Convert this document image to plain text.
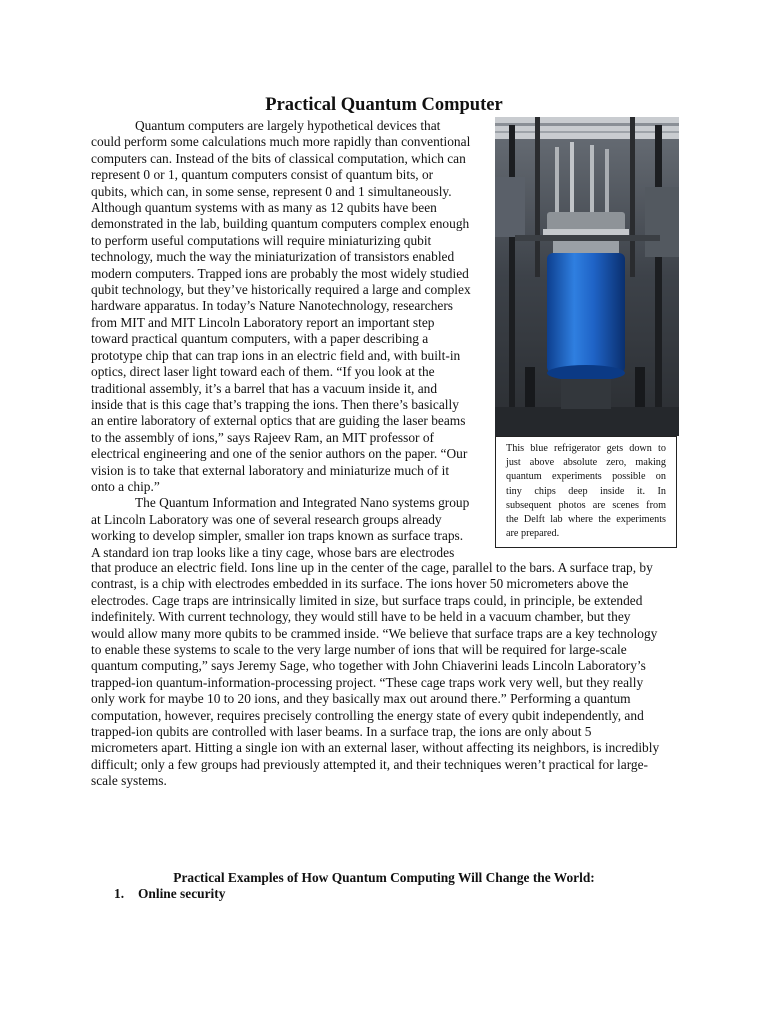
Practical Quantum Computer
Quantum computers are largely hypothetical devices that
could perform some calculations much more rapidly than conventional
computers can. Instead of the bits of classical computation, which can
represent 0 or 1, quantum computers consist of quantum bits, or
qubits, which can, in some sense, represent 0 and 1 simultaneously.
Although quantum systems with as many as 12 qubits have been
demonstrated in the lab, building quantum computers complex enough
to perform useful computations will require miniaturizing qubit
technology, much the way the miniaturization of transistors enabled
modern computers. Trapped ions are probably the most widely studied
qubit technology, but they’ve historically required a large and complex
hardware apparatus. In today’s Nature Nanotechnology, researchers
from MIT and MIT Lincoln Laboratory report an important step
toward practical quantum computers, with a paper describing a
prototype chip that can trap ions in an electric field and, with built-in
optics, direct laser light toward each of them. “If you look at the
traditional assembly, it’s a barrel that has a vacuum inside it, and
inside that is this cage that’s trapping the ions. Then there’s basically
an entire laboratory of external optics that are guiding the laser beams
to the assembly of ions,” says Rajeev Ram, an MIT professor of
electrical engineering and one of the senior authors on the paper. “Our
vision is to take that external laboratory and miniaturize much of it
onto a chip.”
The Quantum Information and Integrated Nano systems group
at Lincoln Laboratory was one of several research groups already
working to develop simpler, smaller ion traps known as surface traps.
A standard ion trap looks like a tiny cage, whose bars are electrodes
This blue refrigerator gets down to
just above absolute zero, making
quantum experiments possible on
tiny chips deep inside it. In
subsequent photos are scenes from
the Delft lab where the experiments
are prepared.
that produce an electric field. Ions line up in the center of the cage, parallel to the bars. A surface trap, by
contrast, is a chip with electrodes embedded in its surface. The ions hover 50 micrometers above the
electrodes. Cage traps are intrinsically limited in size, but surface traps could, in principle, be extended
indefinitely. With current technology, they would still have to be held in a vacuum chamber, but they
would allow many more qubits to be crammed inside. “We believe that surface traps are a key technology
to enable these systems to scale to the very large number of ions that will be required for large-scale
quantum computing,” says Jeremy Sage, who together with John Chiaverini leads Lincoln Laboratory’s
trapped-ion quantum-information-processing project. “These cage traps work very well, but they really
only work for maybe 10 to 20 ions, and they basically max out around there.” Performing a quantum
computation, however, requires precisely controlling the energy state of every qubit independently, and
trapped-ion qubits are controlled with laser beams. In a surface trap, the ions are only about 5
micrometers apart. Hitting a single ion with an external laser, without affecting its neighbors, is incredibly
difficult; only a few groups had previously attempted it, and their techniques weren’t practical for large-
scale systems.
Practical Examples of How Quantum Computing Will Change the World:
1. Online security
